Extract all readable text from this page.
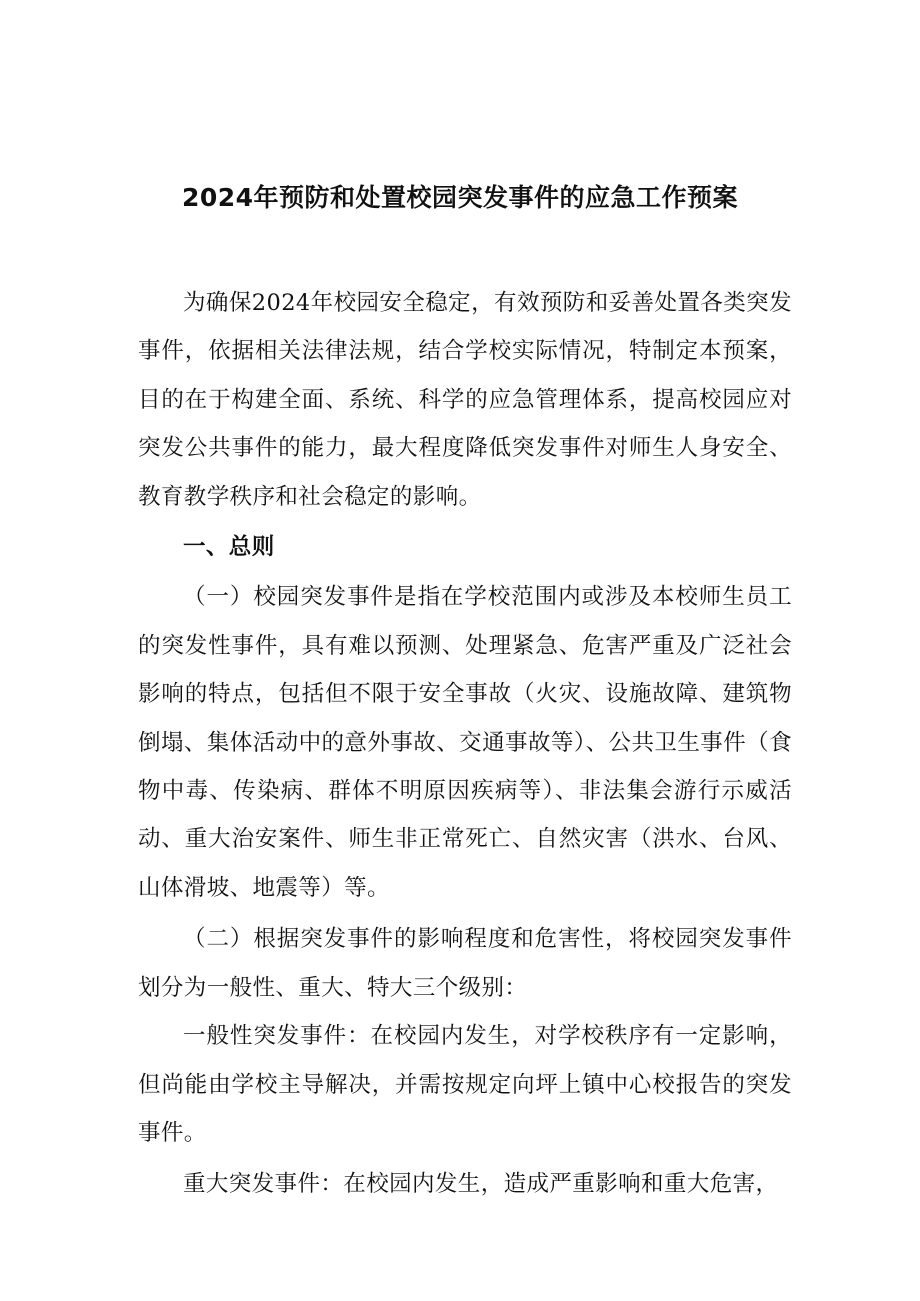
2024年预防和处置校园突发事件的应急工作预案

为确保2024年校园安全稳定，有效预防和妥善处置各类突发事件，依据相关法律法规，结合学校实际情况，特制定本预案，目的在于构建全面、系统、科学的应急管理体系，提高校园应对突发公共事件的能力，最大程度降低突发事件对师生人身安全、教育教学秩序和社会稳定的影响。

一、总则

（一）校园突发事件是指在学校范围内或涉及本校师生员工的突发性事件，具有难以预测、处理紧急、危害严重及广泛社会影响的特点，包括但不限于安全事故（火灾、设施故障、建筑物倒塌、集体活动中的意外事故、交通事故等）、公共卫生事件（食物中毒、传染病、群体不明原因疾病等）、非法集会游行示威活动、重大治安案件、师生非正常死亡、自然灾害（洪水、台风、山体滑坡、地震等）等。

（二）根据突发事件的影响程度和危害性，将校园突发事件划分为一般性、重大、特大三个级别：

一般性突发事件：在校园内发生，对学校秩序有一定影响，但尚能由学校主导解决，并需按规定向坪上镇中心校报告的突发事件。

重大突发事件：在校园内发生，造成严重影响和重大危害，
